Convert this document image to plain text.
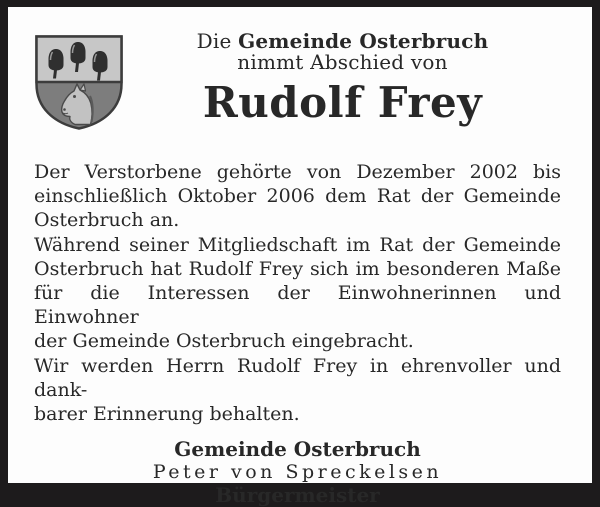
Die Gemeinde Osterbruch
nimmt Abschied von
Rudolf Frey
Der Verstorbene gehörte von Dezember 2002 bis
einschließlich Oktober 2006 dem Rat der Gemeinde
Osterbruch an.
Während seiner Mitgliedschaft im Rat der Gemeinde
Osterbruch hat Rudolf Frey sich im besonderen Maße
für die Interessen der Einwohnerinnen und Einwohner
der Gemeinde Osterbruch eingebracht.
Wir werden Herrn Rudolf Frey in ehrenvoller und dank-
barer Erinnerung behalten.
Gemeinde Osterbruch
Peter von Spreckelsen
Bürgermeister
